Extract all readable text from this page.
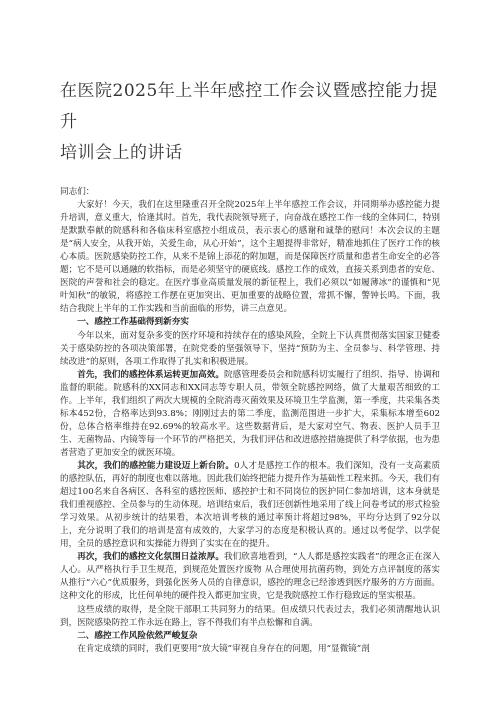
在医院2025年上半年感控工作会议暨感控能力提升
培训会上的讲话

同志们：

大家好！今天，我们在这里隆重召开全院2025年上半年感控工作会议，并同期举办感控能力提升培训，意义重大，恰逢其时。首先，我代表院领导班子，向奋战在感控工作一线的全体同仁，特别是默默奉献的院感科和各临床科室感控小组成员，表示衷心的感谢和诚挚的慰问！本次会议的主题是“病人安全，从我开始，关爱生命，从心开始”，这个主题提得非常好，精准地抓住了医疗工作的核心本质。医院感染防控工作，从来不是锦上添花的附加题，而是保障医疗质量和患者生命安全的必答题；它不是可以通融的软指标，而是必须坚守的硬底线。感控工作的成效，直接关系到患者的安危、医院的声誉和社会的稳定。在医疗事业高质量发展的新征程上，我们必须以“如履薄冰”的谨慎和“见叶知秋”的敏锐，将感控工作摆在更加突出、更加重要的战略位置，常抓不懈，警钟长鸣。下面，我结合我院上半年的工作实践和当前面临的形势，讲三点意见。

一、感控工作基础得到新夯实

今年以来，面对复杂多变的医疗环境和持续存在的感染风险，全院上下认真贯彻落实国家卫健委关于感染防控的各项决策部署，在院党委的坚强领导下，坚持“预防为主、全员参与、科学管理、持续改进”的原则，各项工作取得了扎实和积极进展。

首先，我们的感控体系运转更加高效。院感管理委员会和院感科切实履行了组织、指导、协调和监督的职能。院感科的XX同志和XX同志等专职人员，带领全院感控网络，做了大量艰苦细致的工作。上半年，我们组织了两次大规模的全院消毒灭菌效果及环境卫生学监测，第一季度，共采集各类标本452份，合格率达到93.8%；刚刚过去的第二季度，监测范围进一步扩大，采集标本增至602份，总体合格率维持在92.69%的较高水平。这些数据背后，是大家对空气、物表、医护人员手卫生、无菌物品、内镜等每一个环节的严格把关，为我们评估和改进感控措施提供了科学依据，也为患者营造了更加安全的就医环境。

其次，我们的感控能力建设迈上新台阶。0人才是感控工作的根本。我们深知，没有一支高素质的感控队伍，再好的制度也难以落地。因此我们始终把能力提升作为基础性工程来抓。今天，我们有超过100名来自各病区、各科室的感控医师、感控护士和不同岗位的医护同仁参加培训，这本身就是我们重视感控、全员参与的生动体现。培训结束后，我们还创新性地采用了线上问卷考试的形式检验学习效果。从初步统计的结果看，本次培训考核的通过率预计将超过98%，平均分达到了92分以上，充分说明了我们的培训是富有成效的，大家学习的态度是积极认真的。通过以考促学、以学促用，全员的感控意识和实操能力得到了实实在在的提升。

再次，我们的感控文化氛围日益浓厚。我们欣喜地看到，“人人都是感控实践者”的理念正在深入人心。从严格执行手卫生规范，到规范处置医疗废物 从合理使用抗菌药物，到处方点评制度的落实 从推行“六心”优质服务，到强化医务人员的自律意识，感控的理念已经渗透到医疗服务的方方面面。这种文化的形成，比任何单纯的硬件投入都更加宝贵，它是我院感控工作行稳致远的坚实根基。

这些成绩的取得，是全院干部职工共同努力的结果。但成绩只代表过去，我们必须清醒地认识到，医院感染防控工作永远在路上，容不得我们有半点松懈和自满。

二、感控工作风险依然严峻复杂

在肯定成绩的同时，我们更要用“放大镜”审视自身存在的问题，用“显微镜”剖
